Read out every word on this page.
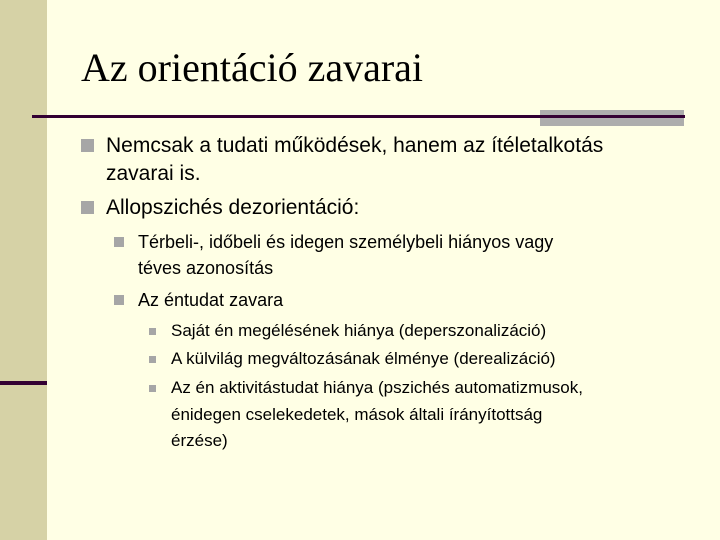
Az orientáció zavarai
Nemcsak a tudati működések, hanem az ítéletalkotás
zavarai is.
Allopszichés dezorientáció:
Térbeli-, időbeli és idegen személybeli hiányos vagy
téves azonosítás
Az éntudat zavara
Saját én megélésének hiánya (deperszonalizáció)
A külvilág megváltozásának élménye (derealizáció)
Az én aktivitástudat hiánya (pszichés automatizmusok,
énidegen cselekedetek, mások általi írányítottság
érzése)
